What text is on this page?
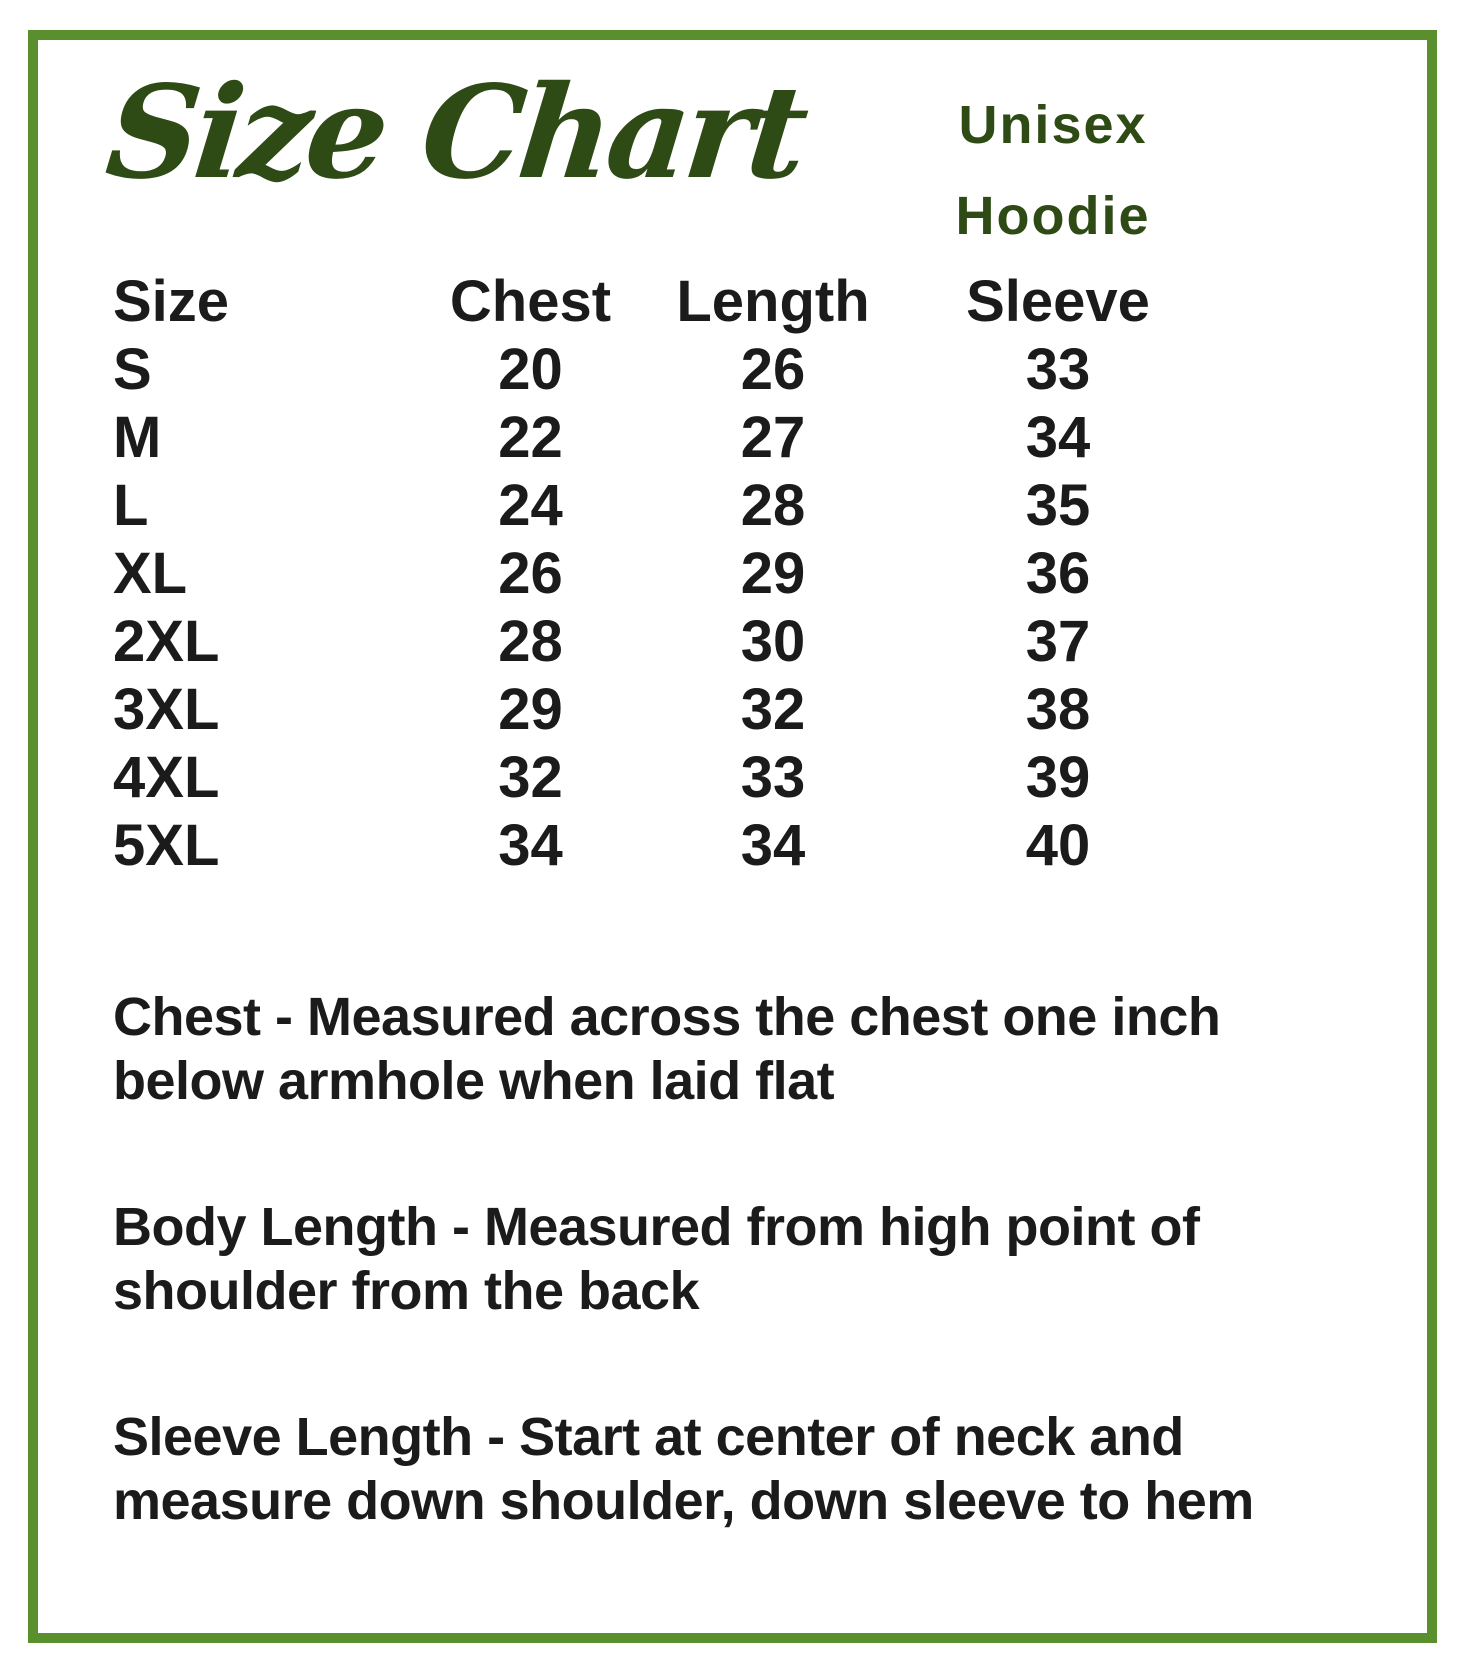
Size Chart	Unisex
Hoodie
Size	Chest	Length	Sleeve
S	20	26	33
M	22	27	34
L	24	28	35
XL	26	29	36
2XL	28	30	37
3XL	29	32	38
4XL	32	33	39
5XL	34	34	40
Chest - Measured across the chest one inch
below armhole when laid flat
Body Length - Measured from high point of
shoulder from the back
Sleeve Length - Start at center of neck and
measure down shoulder, down sleeve to hem
